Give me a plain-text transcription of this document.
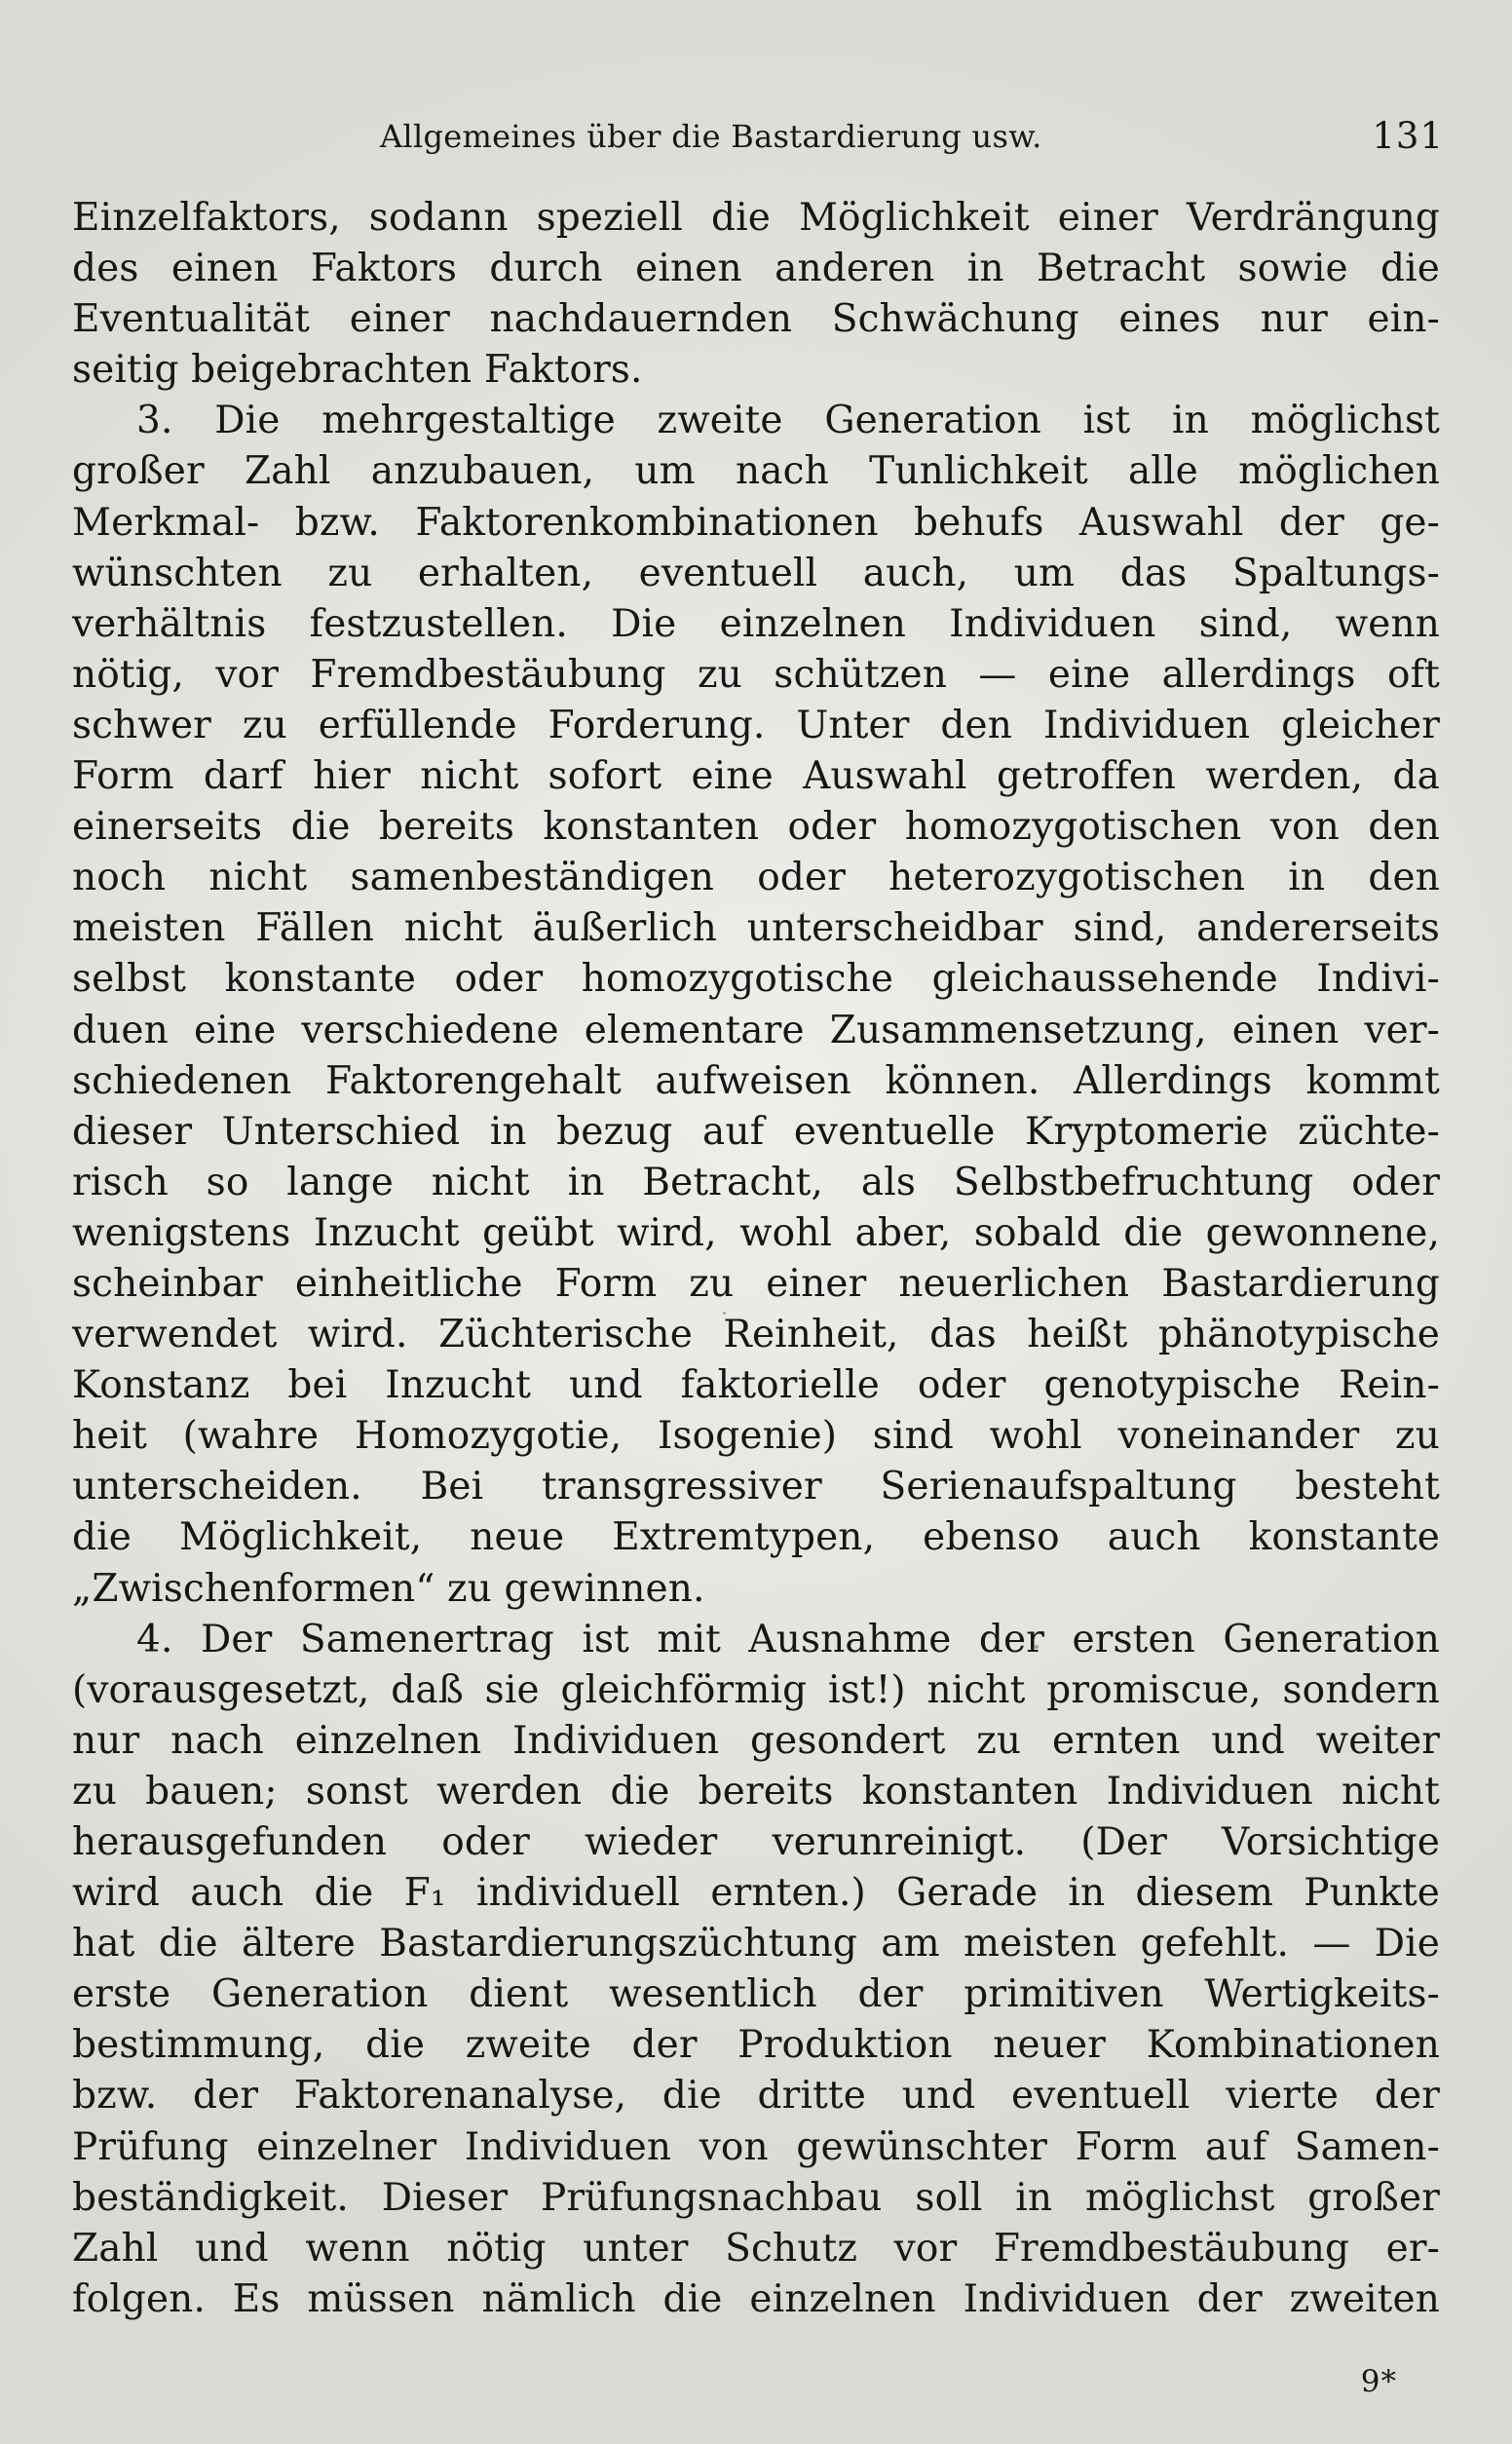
Allgemeines über die Bastardierung usw.	131
Einzelfaktors, sodann speziell die Möglichkeit einer Verdrängung
des einen Faktors durch einen anderen in Betracht sowie die
Eventualität einer nachdauernden Schwächung eines nur ein-
seitig beigebrachten Faktors.
3. Die mehrgestaltige zweite Generation ist in möglichst
großer Zahl anzubauen, um nach Tunlichkeit alle möglichen
Merkmal- bzw. Faktorenkombinationen behufs Auswahl der ge-
wünschten zu erhalten, eventuell auch, um das Spaltungs-
verhältnis festzustellen. Die einzelnen Individuen sind, wenn
nötig, vor Fremdbestäubung zu schützen — eine allerdings oft
schwer zu erfüllende Forderung. Unter den Individuen gleicher
Form darf hier nicht sofort eine Auswahl getroffen werden, da
einerseits die bereits konstanten oder homozygotischen von den
noch nicht samenbeständigen oder heterozygotischen in den
meisten Fällen nicht äußerlich unterscheidbar sind, andererseits
selbst konstante oder homozygotische gleichaussehende Indivi-
duen eine verschiedene elementare Zusammensetzung, einen ver-
schiedenen Faktorengehalt aufweisen können. Allerdings kommt
dieser Unterschied in bezug auf eventuelle Kryptomerie züchte-
risch so lange nicht in Betracht, als Selbstbefruchtung oder
wenigstens Inzucht geübt wird, wohl aber, sobald die gewonnene,
scheinbar einheitliche Form zu einer neuerlichen Bastardierung
verwendet wird. Züchterische Reinheit, das heißt phänotypische
Konstanz bei Inzucht und faktorielle oder genotypische Rein-
heit (wahre Homozygotie, Isogenie) sind wohl voneinander zu
unterscheiden. Bei transgressiver Serienaufspaltung besteht
die Möglichkeit, neue Extremtypen, ebenso auch konstante
„Zwischenformen“ zu gewinnen.
4. Der Samenertrag ist mit Ausnahme der ersten Generation
(vorausgesetzt, daß sie gleichförmig ist!) nicht promiscue, sondern
nur nach einzelnen Individuen gesondert zu ernten und weiter
zu bauen; sonst werden die bereits konstanten Individuen nicht
herausgefunden oder wieder verunreinigt. (Der Vorsichtige
wird auch die F₁ individuell ernten.) Gerade in diesem Punkte
hat die ältere Bastardierungszüchtung am meisten gefehlt. — Die
erste Generation dient wesentlich der primitiven Wertigkeits-
bestimmung, die zweite der Produktion neuer Kombinationen
bzw. der Faktorenanalyse, die dritte und eventuell vierte der
Prüfung einzelner Individuen von gewünschter Form auf Samen-
beständigkeit. Dieser Prüfungsnachbau soll in möglichst großer
Zahl und wenn nötig unter Schutz vor Fremdbestäubung er-
folgen. Es müssen nämlich die einzelnen Individuen der zweiten
9*
